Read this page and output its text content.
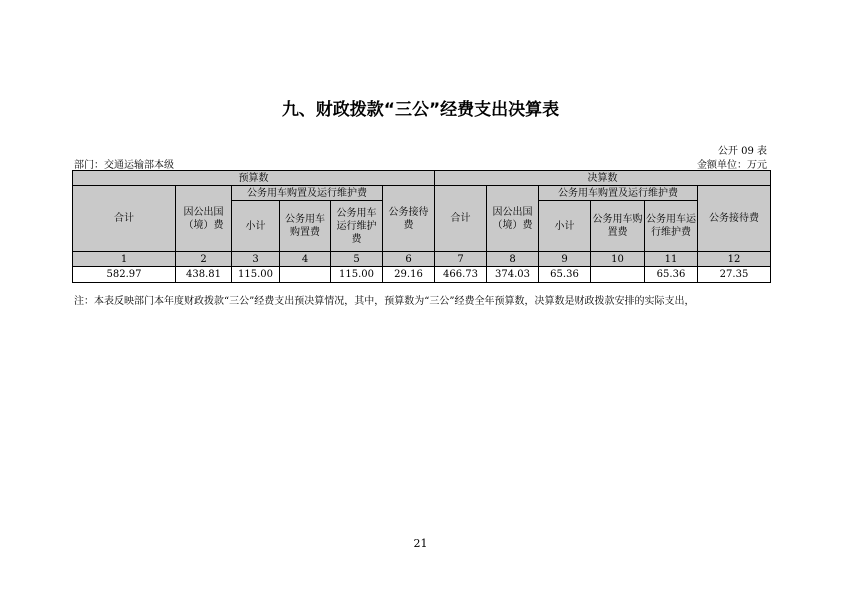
九、财政拨款“三公”经费支出决算表
公开 09 表
部门：交通运输部本级	金额单位：万元
预算数						决算数					
合计	因公出国（境）费	公务用车购置及运行维护费			公务接待费	合计	因公出国（境）费	公务用车购置及运行维护费			公务接待费
		小计	公务用车购置费	公务用车运行维护费				小计	公务用车购置费	公务用车运行维护费	
1	2	3	4	5	6	7	8	9	10	11	12
582.97	438.81	115.00		115.00	29.16	466.73	374.03	65.36		65.36	27.35
注：本表反映部门本年度财政拨款“三公”经费支出预决算情况，其中，预算数为“三公”经费全年预算数，决算数是财政拨款安排的实际支出，
21
